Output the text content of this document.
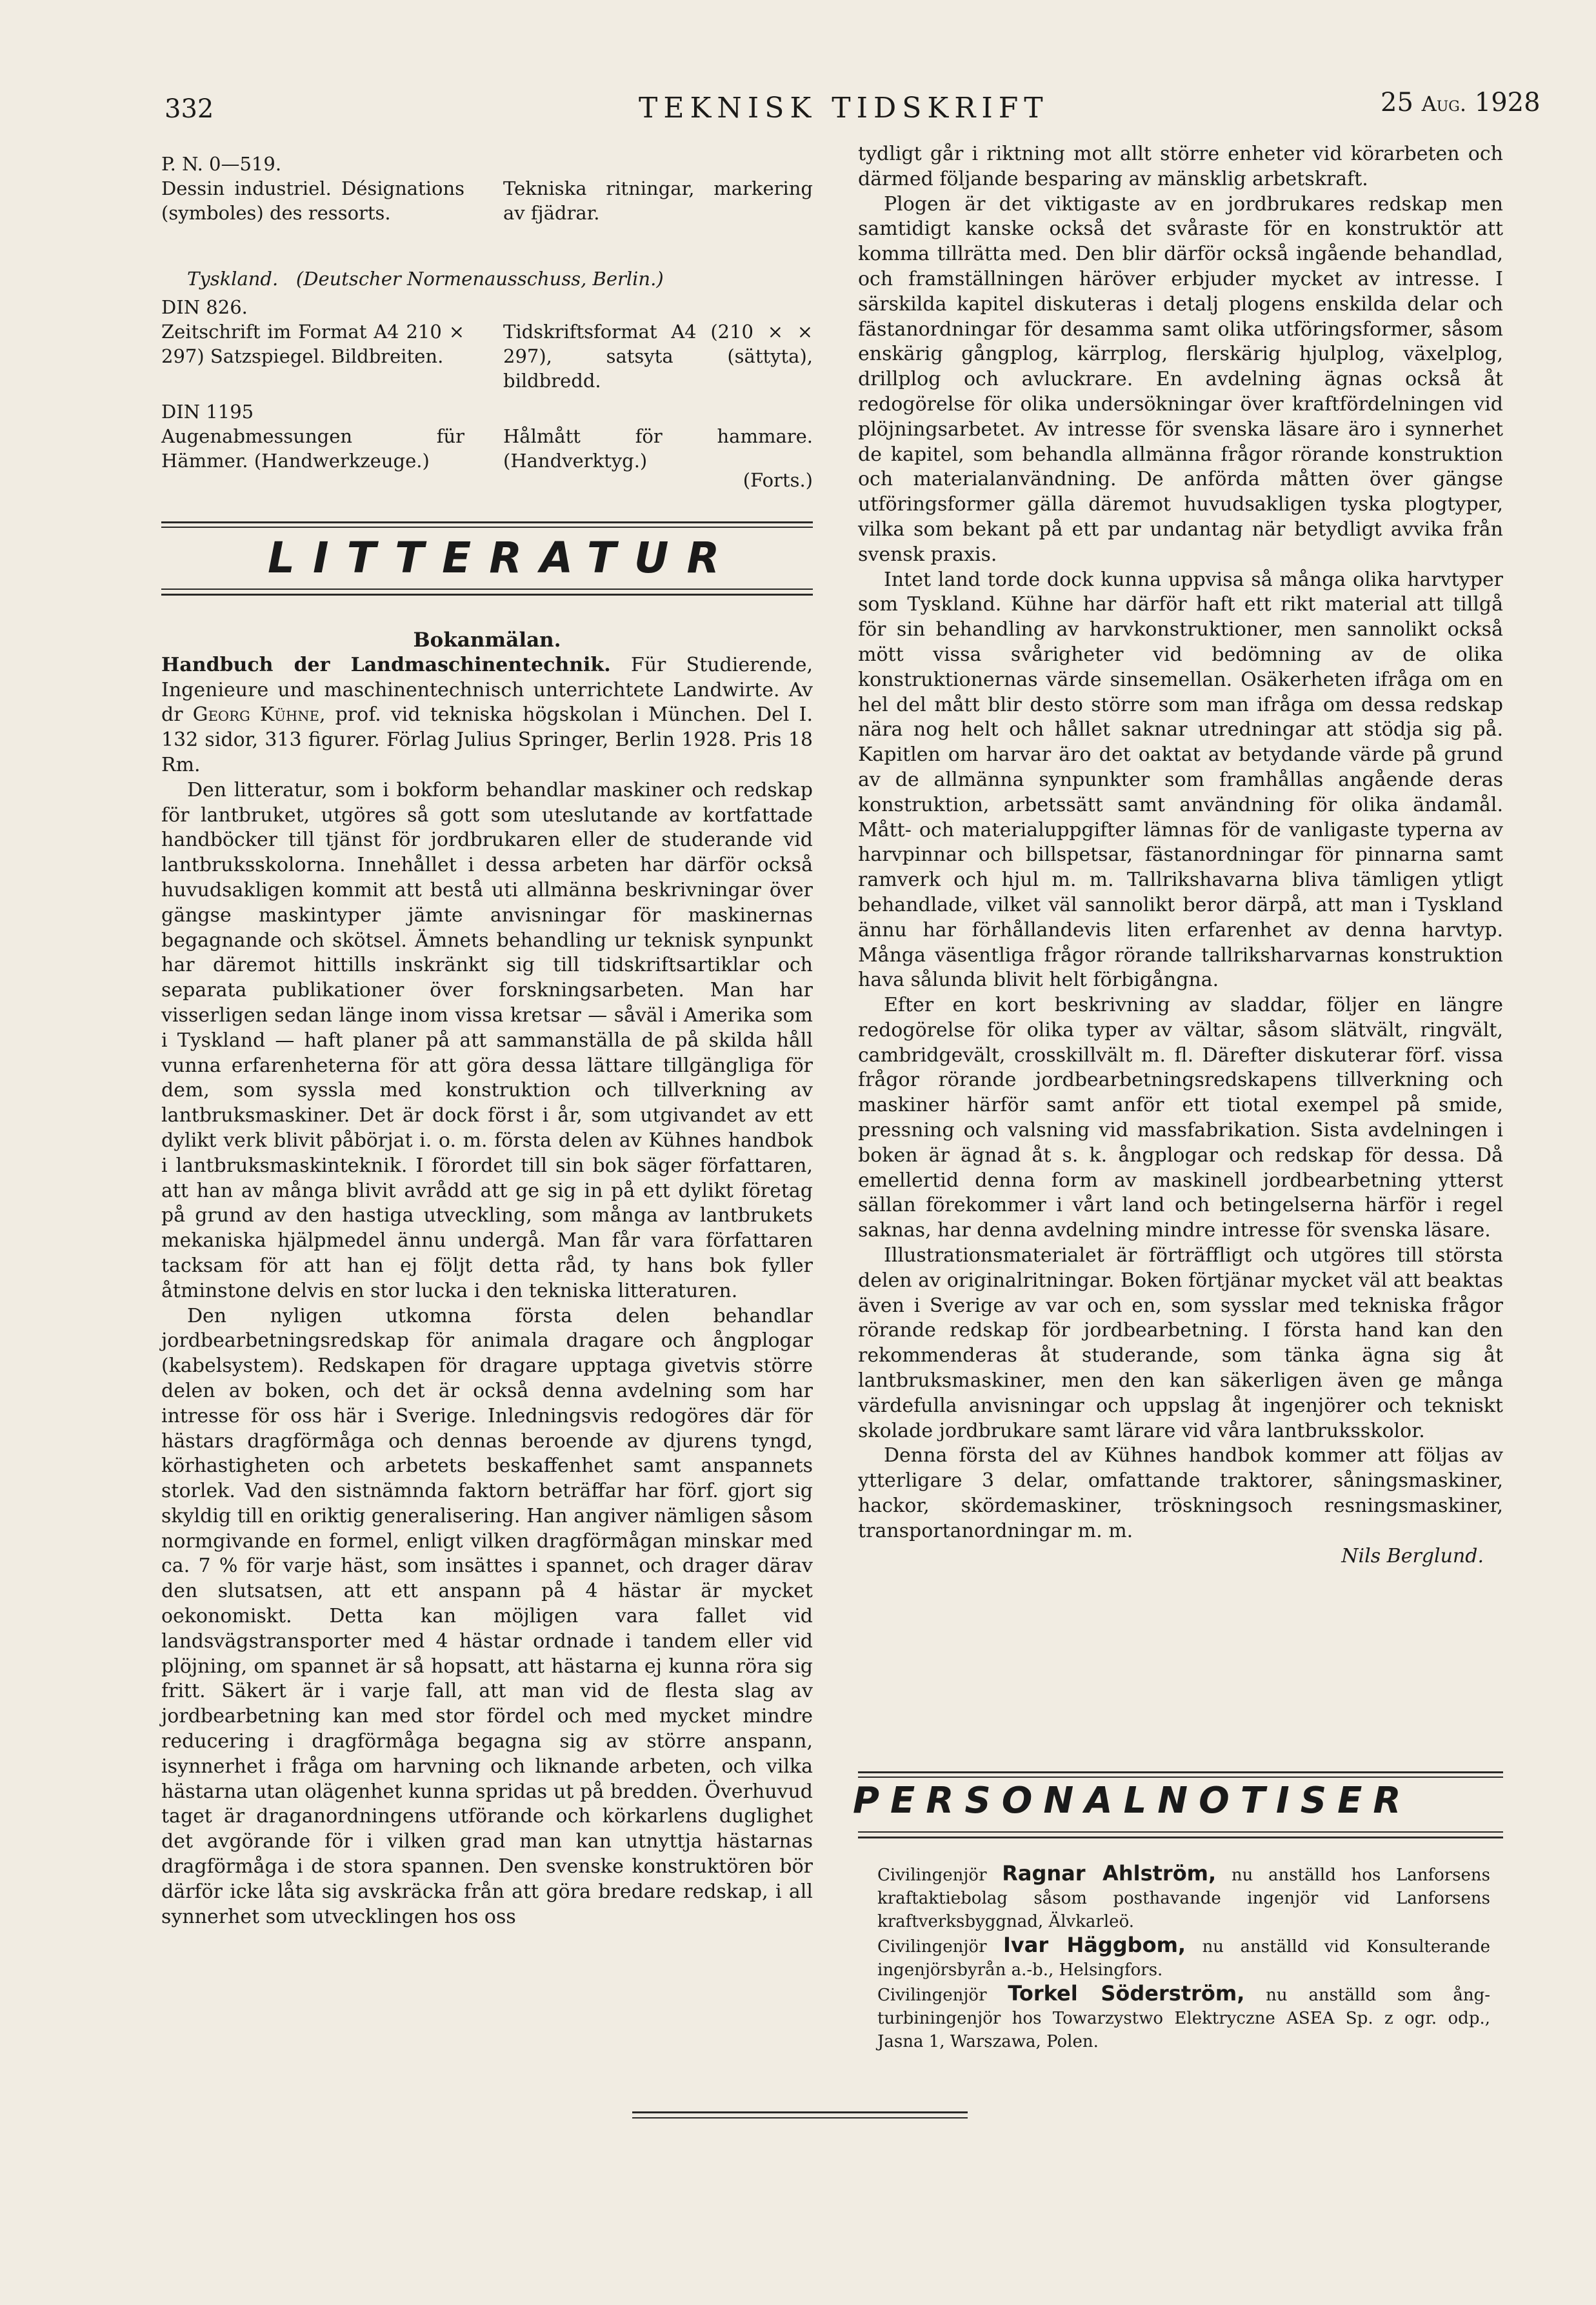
332	TEKNISK TIDSKRIFT	25 Aug. 1928
P. N. 0—519.
Dessin industriel. Désignations (symboles) des ressorts.
Tekniska ritningar, markering av fjädrar.
Tyskland. (Deutscher Normenausschuss, Berlin.)
DIN 826.
Zeitschrift im Format A4 210 × 297) Satzspiegel. Bildbreiten.
Tidskriftsformat A4 (210 × × 297), satsyta (sättyta), bildbredd.
DIN 1195
Augenabmessungen für Hämmer. (Handwerkzeuge.)
Hålmått för hammare. (Handverktyg.)
(Forts.)

Bokanmälan.

Handbuch der Landmaschinentechnik. Für Studierende, Ingenieure und maschinentechnisch unterrichtete Landwirte. Av dr Georg Kühne, prof. vid tekniska högskolan i München. Del I. 132 sidor, 313 figurer. Förlag Julius Springer, Berlin 1928. Pris 18 Rm.

Den litteratur, som i bokform behandlar maskiner och redskap för lantbruket, utgöres så gott som uteslutande av kortfattade handböcker till tjänst för jordbrukaren eller de studerande vid lantbruksskolorna. Innehållet i dessa arbeten har därför också huvudsakligen kommit att bestå uti allmänna beskrivningar över gängse maskintyper jämte anvisningar för maskinernas begagnande och skötsel. Ämnets behandling ur teknisk synpunkt har däremot hittills inskränkt sig till tidskriftsartiklar och separata publikationer över forskningsarbeten. Man har visserligen sedan länge inom vissa kretsar — såväl i Amerika som i Tyskland — haft planer på att sammanställa de på skilda håll vunna erfarenheterna för att göra dessa lättare tillgängliga för dem, som syssla med konstruktion och tillverkning av lantbruksmaskiner. Det är dock först i år, som utgivandet av ett dylikt verk blivit påbörjat i. o. m. första delen av Kühnes handbok i lantbruksmaskinteknik. I förordet till sin bok säger författaren, att han av många blivit avrådd att ge sig in på ett dylikt företag på grund av den hastiga utveckling, som många av lantbrukets mekaniska hjälpmedel ännu undergå. Man får vara författaren tacksam för att han ej följt detta råd, ty hans bok fyller åtminstone delvis en stor lucka i den tekniska litteraturen.

Den nyligen utkomna första delen behandlar jordbearbetningsredskap för animala dragare och ångplogar (kabelsystem). Redskapen för dragare upptaga givetvis större delen av boken, och det är också denna avdelning som har intresse för oss här i Sverige. Inledningsvis redogöres där för hästars dragförmåga och dennas beroende av djurens tyngd, körhastigheten och arbetets beskaffenhet samt anspannets storlek. Vad den sistnämnda faktorn beträffar har förf. gjort sig skyldig till en oriktig generalisering. Han angiver nämligen såsom normgivande en formel, enligt vilken dragförmågan minskar med ca. 7 % för varje häst, som insättes i spannet, och drager därav den slutsatsen, att ett anspann på 4 hästar är mycket oekonomiskt. Detta kan möjligen vara fallet vid landsvägstransporter med 4 hästar ordnade i tandem eller vid plöjning, om spannet är så hopsatt, att hästarna ej kunna röra sig fritt. Säkert är i varje fall, att man vid de flesta slag av jordbearbetning kan med stor fördel och med mycket mindre reducering i dragförmåga begagna sig av större anspann, isynnerhet i fråga om harvning och liknande arbeten, och vilka hästarna utan olägenhet kunna spridas ut på bredden. Överhuvud taget är draganordningens utförande och körkarlens duglighet det avgörande för i vilken grad man kan utnyttja hästarnas dragförmåga i de stora spannen. Den svenske konstruktören bör därför icke låta sig avskräcka från att göra bredare redskap, i all synnerhet som utvecklingen hos oss

LITTERATUR

tydligt går i riktning mot allt större enheter vid körarbeten och därmed följande besparing av mänsklig arbetskraft.

Plogen är det viktigaste av en jordbrukares redskap men samtidigt kanske också det svåraste för en konstruktör att komma tillrätta med. Den blir därför också ingående behandlad, och framställningen häröver erbjuder mycket av intresse. I särskilda kapitel diskuteras i detalj plogens enskilda delar och fästanordningar för desamma samt olika utföringsformer, såsom enskärig gångplog, kärrplog, flerskärig hjulplog, växelplog, drillplog och avluckrare. En avdelning ägnas också åt redogörelse för olika undersökningar över kraftfördelningen vid plöjningsarbetet. Av intresse för svenska läsare äro i synnerhet de kapitel, som behandla allmänna frågor rörande konstruktion och materialanvändning. De anförda måtten över gängse utföringsformer gälla däremot huvudsakligen tyska plogtyper, vilka som bekant på ett par undantag när betydligt avvika från svensk praxis.

Intet land torde dock kunna uppvisa så många olika harvtyper som Tyskland. Kühne har därför haft ett rikt material att tillgå för sin behandling av harvkonstruktioner, men sannolikt också mött vissa svårigheter vid bedömning av de olika konstruktionernas värde sinsemellan. Osäkerheten ifråga om en hel del mått blir desto större som man ifråga om dessa redskap nära nog helt och hållet saknar utredningar att stödja sig på. Kapitlen om harvar äro det oaktat av betydande värde på grund av de allmänna synpunkter som framhållas angående deras konstruktion, arbetssätt samt användning för olika ändamål. Mått- och materialuppgifter lämnas för de vanligaste typerna av harvpinnar och billspetsar, fästanordningar för pinnarna samt ramverk och hjul m. m. Tallrikshavarna bliva tämligen ytligt behandlade, vilket väl sannolikt beror därpå, att man i Tyskland ännu har förhållandevis liten erfarenhet av denna harvtyp. Många väsentliga frågor rörande tallriksharvarnas konstruktion hava sålunda blivit helt förbigångna.

Efter en kort beskrivning av sladdar, följer en längre redogörelse för olika typer av vältar, såsom slätvält, ringvält, cambridgevält, crosskillvält m. fl. Därefter diskuterar förf. vissa frågor rörande jordbearbetningsredskapens tillverkning och maskiner härför samt anför ett tiotal exempel på smide, pressning och valsning vid massfabrikation. Sista avdelningen i boken är ägnad åt s. k. ångplogar och redskap för dessa. Då emellertid denna form av maskinell jordbearbetning ytterst sällan förekommer i vårt land och betingelserna härför i regel saknas, har denna avdelning mindre intresse för svenska läsare.

Illustrationsmaterialet är förträffligt och utgöres till största delen av originalritningar. Boken förtjänar mycket väl att beaktas även i Sverige av var och en, som sysslar med tekniska frågor rörande redskap för jordbearbetning. I första hand kan den rekommenderas åt studerande, som tänka ägna sig åt lantbruksmaskiner, men den kan säkerligen även ge många värdefulla anvisningar och uppslag åt ingenjörer och tekniskt skolade jordbrukare samt lärare vid våra lantbruksskolor.

Denna första del av Kühnes handbok kommer att följas av ytterligare 3 delar, omfattande traktorer, såningsmaskiner, hackor, skördemaskiner, tröskningsoch resningsmaskiner, transportanordningar m. m.

Nils Berglund.

PERSONALNOTISER

Civilingenjör Ragnar Ahlström, nu anställd hos Lanforsens kraftaktiebolag såsom posthavande ingenjör vid Lanforsens kraftverksbyggnad, Älvkarleö.

Civilingenjör Ivar Häggbom, nu anställd vid Konsulterande ingenjörsbyrån a.-b., Helsingfors.

Civilingenjör Torkel Söderström, nu anställd som ång-turbiningenjör hos Towarzystwo Elektryczne ASEA Sp. z ogr. odp., Jasna 1, Warszawa, Polen.
